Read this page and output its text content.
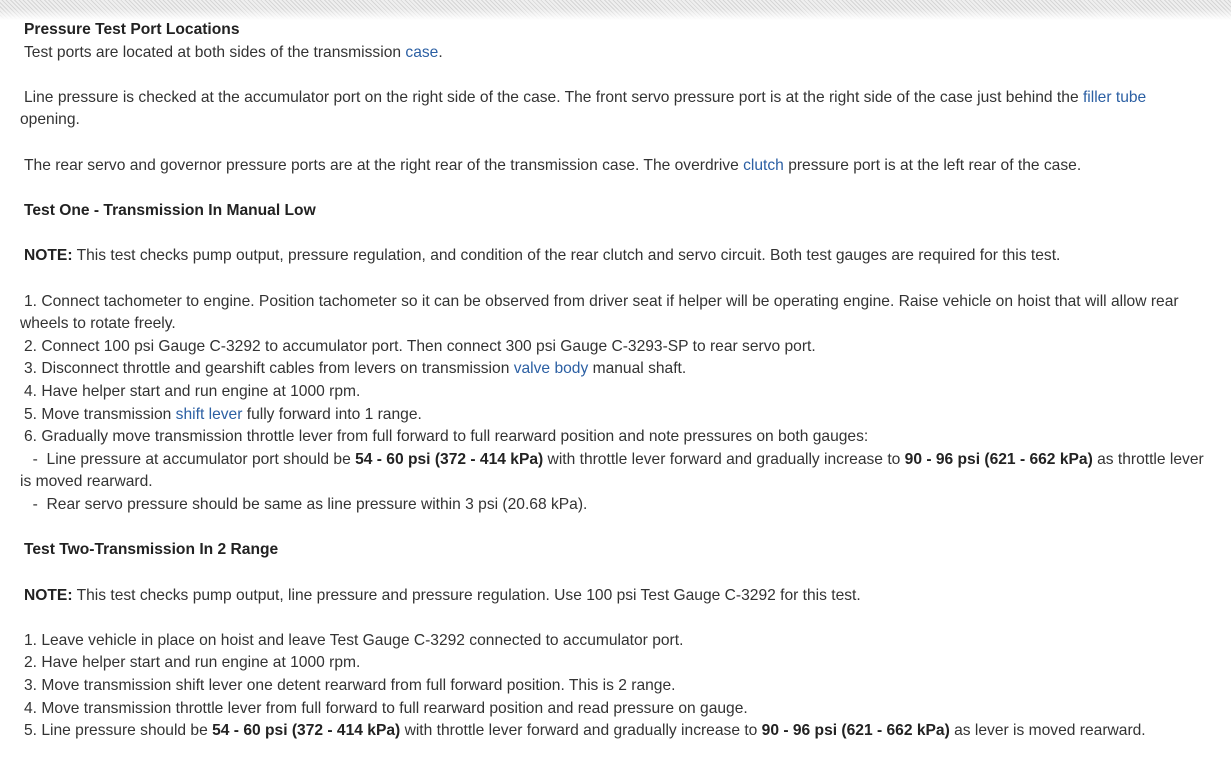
Pressure Test Port Locations
Test ports are located at both sides of the transmission case.
Line pressure is checked at the accumulator port on the right side of the case. The front servo pressure port is at the right side of the case just behind the filler tube
opening.
The rear servo and governor pressure ports are at the right rear of the transmission case. The overdrive clutch pressure port is at the left rear of the case.
Test One - Transmission In Manual Low
NOTE: This test checks pump output, pressure regulation, and condition of the rear clutch and servo circuit. Both test gauges are required for this test.
1. Connect tachometer to engine. Position tachometer so it can be observed from driver seat if helper will be operating engine. Raise vehicle on hoist that will allow rear
wheels to rotate freely.
2. Connect 100 psi Gauge C-3292 to accumulator port. Then connect 300 psi Gauge C-3293-SP to rear servo port.
3. Disconnect throttle and gearshift cables from levers on transmission valve body manual shaft.
4. Have helper start and run engine at 1000 rpm.
5. Move transmission shift lever fully forward into 1 range.
6. Gradually move transmission throttle lever from full forward to full rearward position and note pressures on both gauges:
-  Line pressure at accumulator port should be 54 - 60 psi (372 - 414 kPa) with throttle lever forward and gradually increase to 90 - 96 psi (621 - 662 kPa) as throttle lever
is moved rearward.
-  Rear servo pressure should be same as line pressure within 3 psi (20.68 kPa).
Test Two-Transmission In 2 Range
NOTE: This test checks pump output, line pressure and pressure regulation. Use 100 psi Test Gauge C-3292 for this test.
1. Leave vehicle in place on hoist and leave Test Gauge C-3292 connected to accumulator port.
2. Have helper start and run engine at 1000 rpm.
3. Move transmission shift lever one detent rearward from full forward position. This is 2 range.
4. Move transmission throttle lever from full forward to full rearward position and read pressure on gauge.
5. Line pressure should be 54 - 60 psi (372 - 414 kPa) with throttle lever forward and gradually increase to 90 - 96 psi (621 - 662 kPa) as lever is moved rearward.
